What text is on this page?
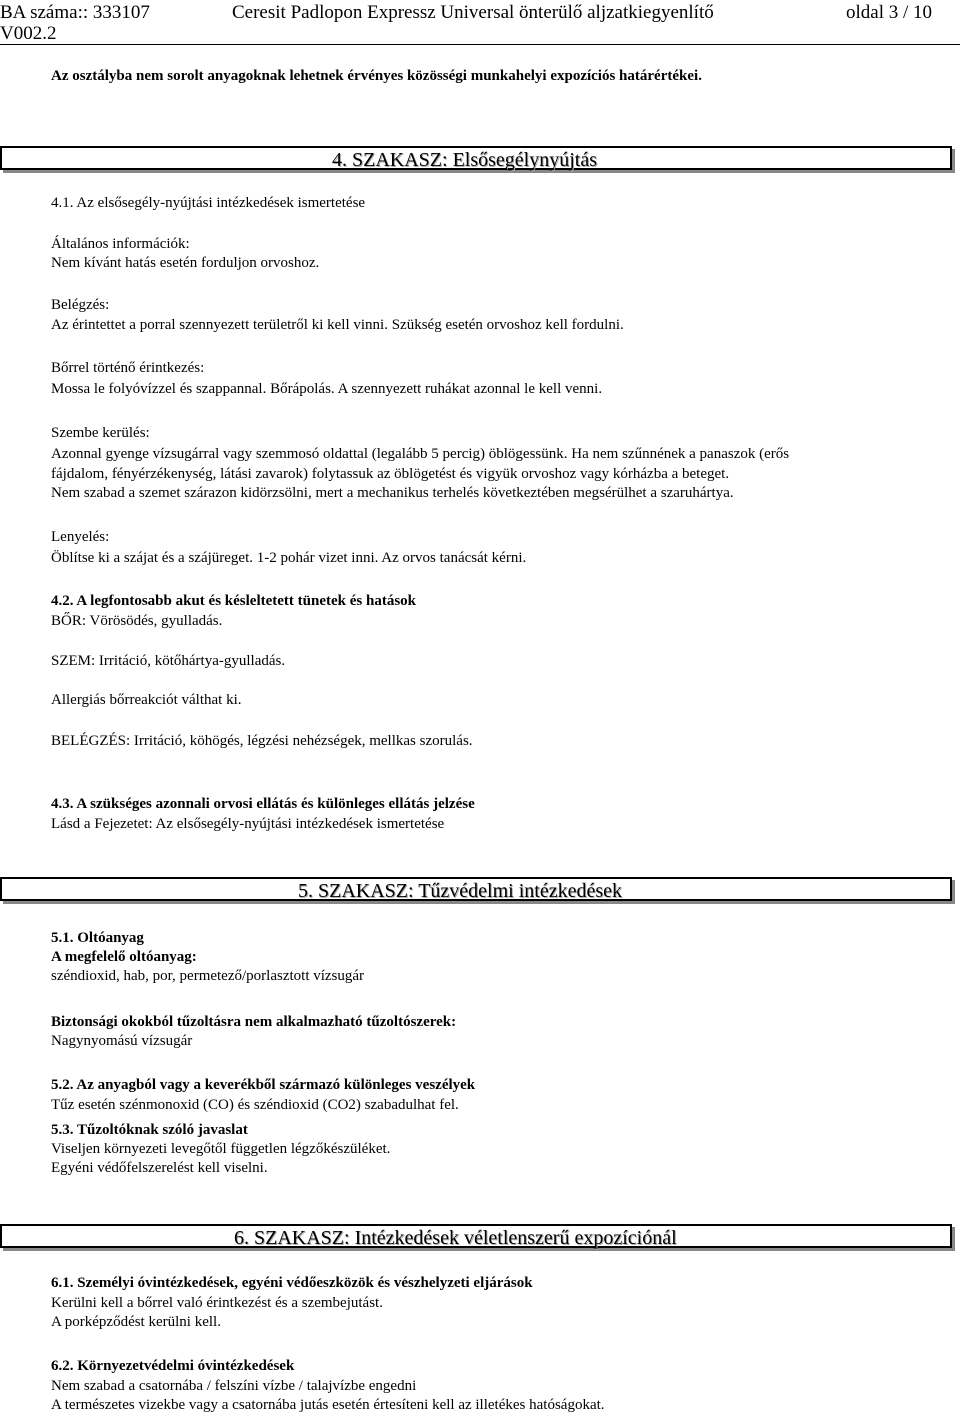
BA száma:: 333107
V002.2
Ceresit Padlopon Expressz Universal önterülő aljzatkiegyenlítő	oldal 3 / 10
Az osztályba nem sorolt anyagoknak lehetnek érvényes közösségi munkahelyi expozíciós határértékei.
4. SZAKASZ: Elsősegélynyújtás
4.1. Az elsősegély-nyújtási intézkedések ismertetése
Általános információk:
Nem kívánt hatás esetén forduljon orvoshoz.
Belégzés:
Az érintettet a porral szennyezett területről ki kell vinni. Szükség esetén orvoshoz kell fordulni.
Bőrrel történő érintkezés:
Mossa le folyóvízzel és szappannal. Bőrápolás. A szennyezett ruhákat azonnal le kell venni.
Szembe kerülés:
Azonnal gyenge vízsugárral vagy szemmosó oldattal (legalább 5 percig) öblögessünk. Ha nem szűnnének a panaszok (erős
fájdalom, fényérzékenység, látási zavarok) folytassuk az öblögetést és vigyük orvoshoz vagy kórházba a beteget.
Nem szabad a szemet szárazon kidörzsölni, mert a mechanikus terhelés következtében megsérülhet a szaruhártya.
Lenyelés:
Öblítse ki a szájat és a szájüreget. 1-2 pohár vizet inni. Az orvos tanácsát kérni.
4.2. A legfontosabb akut és késleltetett tünetek és hatások
BŐR: Vörösödés, gyulladás.
SZEM: Irritáció, kötőhártya-gyulladás.
Allergiás bőrreakciót válthat ki.
BELÉGZÉS: Irritáció, köhögés, légzési nehézségek, mellkas szorulás.
4.3. A szükséges azonnali orvosi ellátás és különleges ellátás jelzése
Lásd a Fejezetet: Az elsősegély-nyújtási intézkedések ismertetése
5. SZAKASZ: Tűzvédelmi intézkedések
5.1. Oltóanyag
A megfelelő oltóanyag:
széndioxid, hab, por, permetező/porlasztott vízsugár
Biztonsági okokból tűzoltásra nem alkalmazható tűzoltószerek:
Nagynyomású vízsugár
5.2. Az anyagból vagy a keverékből származó különleges veszélyek
Tűz esetén szénmonoxid (CO) és széndioxid (CO2) szabadulhat fel.
5.3. Tűzoltóknak szóló javaslat
Viseljen környezeti levegőtől független légzőkészüléket.
Egyéni védőfelszerelést kell viselni.
6. SZAKASZ: Intézkedések véletlenszerű expozíciónál
6.1. Személyi óvintézkedések, egyéni védőeszközök és vészhelyzeti eljárások
Kerülni kell a bőrrel való érintkezést és a szembejutást.
A porképződést kerülni kell.
6.2. Környezetvédelmi óvintézkedések
Nem szabad a csatornába / felszíni vízbe / talajvízbe engedni
A természetes vizekbe vagy a csatornába jutás esetén értesíteni kell az illetékes hatóságokat.
